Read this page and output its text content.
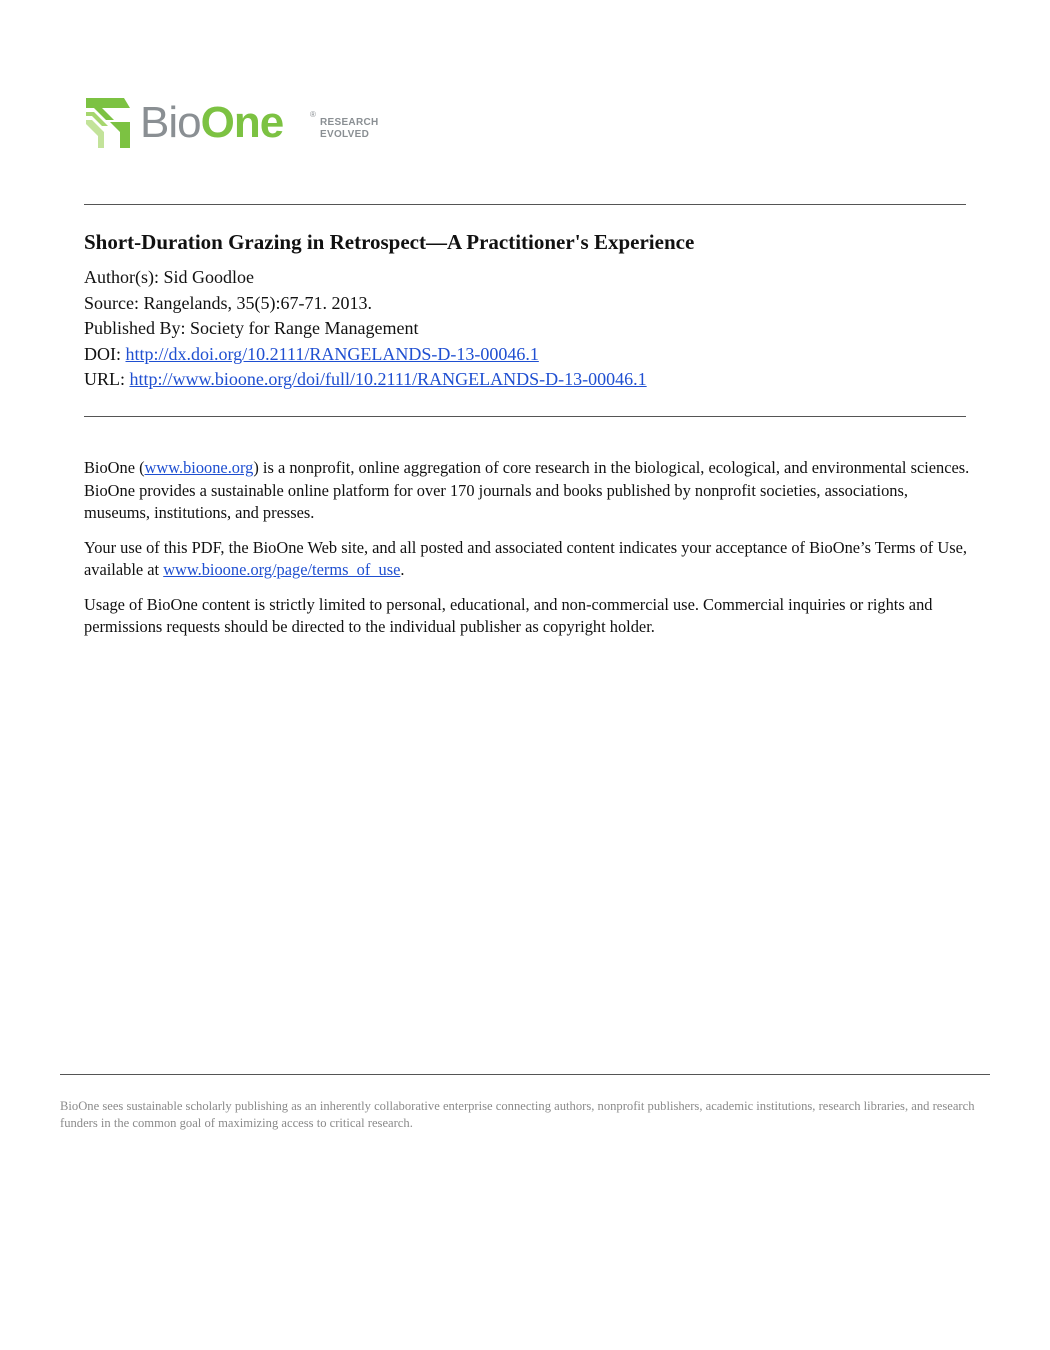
BioOne	®
RESEARCH
EVOLVED
Short-Duration Grazing in Retrospect—A Practitioner's Experience
Author(s): Sid Goodloe
Source: Rangelands, 35(5):67-71. 2013.
Published By: Society for Range Management
DOI: http://dx.doi.org/10.2111/RANGELANDS-D-13-00046.1
URL: http://www.bioone.org/doi/full/10.2111/RANGELANDS-D-13-00046.1

BioOne (www.bioone.org) is a nonprofit, online aggregation of core research in the biological, ecological, and environmental sciences. BioOne provides a sustainable online platform for over 170 journals and books published by nonprofit societies, associations, museums, institutions, and presses.

Your use of this PDF, the BioOne Web site, and all posted and associated content indicates your acceptance of BioOne’s Terms of Use, available at www.bioone.org/page/terms_of_use.

Usage of BioOne content is strictly limited to personal, educational, and non-commercial use. Commercial inquiries or rights and permissions requests should be directed to the individual publisher as copyright holder.

BioOne sees sustainable scholarly publishing as an inherently collaborative enterprise connecting authors, nonprofit publishers, academic institutions, research libraries, and research funders in the common goal of maximizing access to critical research.
